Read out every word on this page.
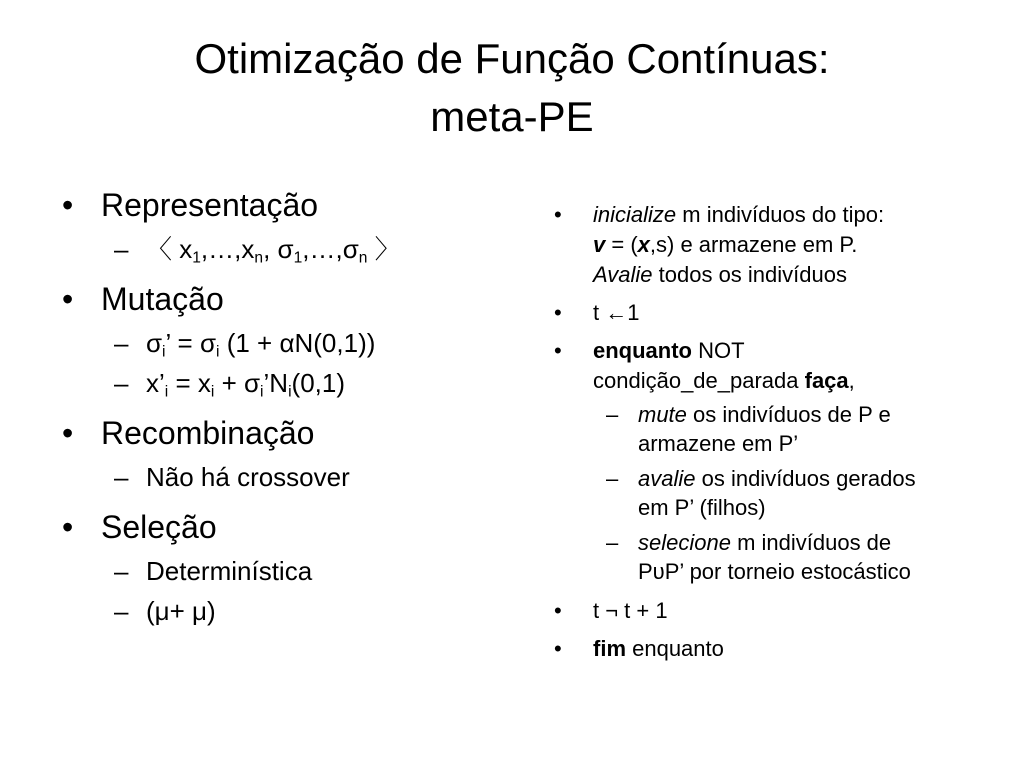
Otimização de Função Contínuas:
meta-PE
• Representação
– 〈 $x_1,\dots,x_n$, $\sigma_1,\dots,\sigma_n$ 〉
• Mutação
– $\sigma_i$’ = $\sigma_i$ (1 + αN(0,1))
– $x’_i = x_i$ + $\sigma_i’N_i(0,1)$
• Recombinação
– Não há crossover
• Seleção
– Determinística
– (μ+ μ)
• inicialize m indivíduos do tipo:
v = (x,s) e armazene em P.
Avalie todos os indivíduos
• t ←1
• enquanto NOT
condição_de_parada faça,
– mute os indivíduos de P e
armazene em P’
– avalie os indivíduos gerados
em P’ (filhos)
– selecione m indivíduos de
PυP’ por torneio estocástico
• t ¬ t + 1
• fim enquanto
